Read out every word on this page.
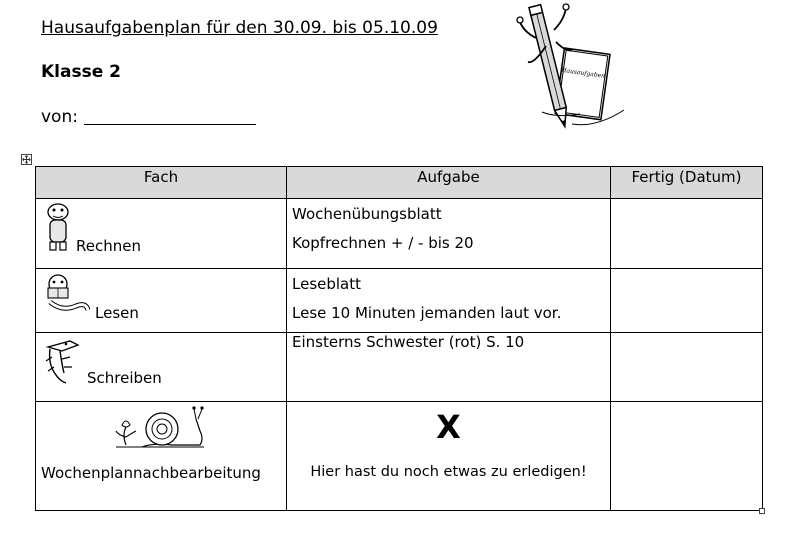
Hausaufgabenplan für den 30.09. bis 05.10.09
Klasse 2
von:
Hausaufgaben
Fach	Aufgabe	Fertig (Datum)

Rechnen	Wochenübungsblatt
Kopfrechnen + / - bis 20	

Lesen	Leseblatt
Lese 10 Minuten jemanden laut vor.	

Schreiben	Einsterns Schwester (rot) S. 10	

Wochenplannachbearbeitung	X
Hier hast du noch etwas zu erledigen!	
